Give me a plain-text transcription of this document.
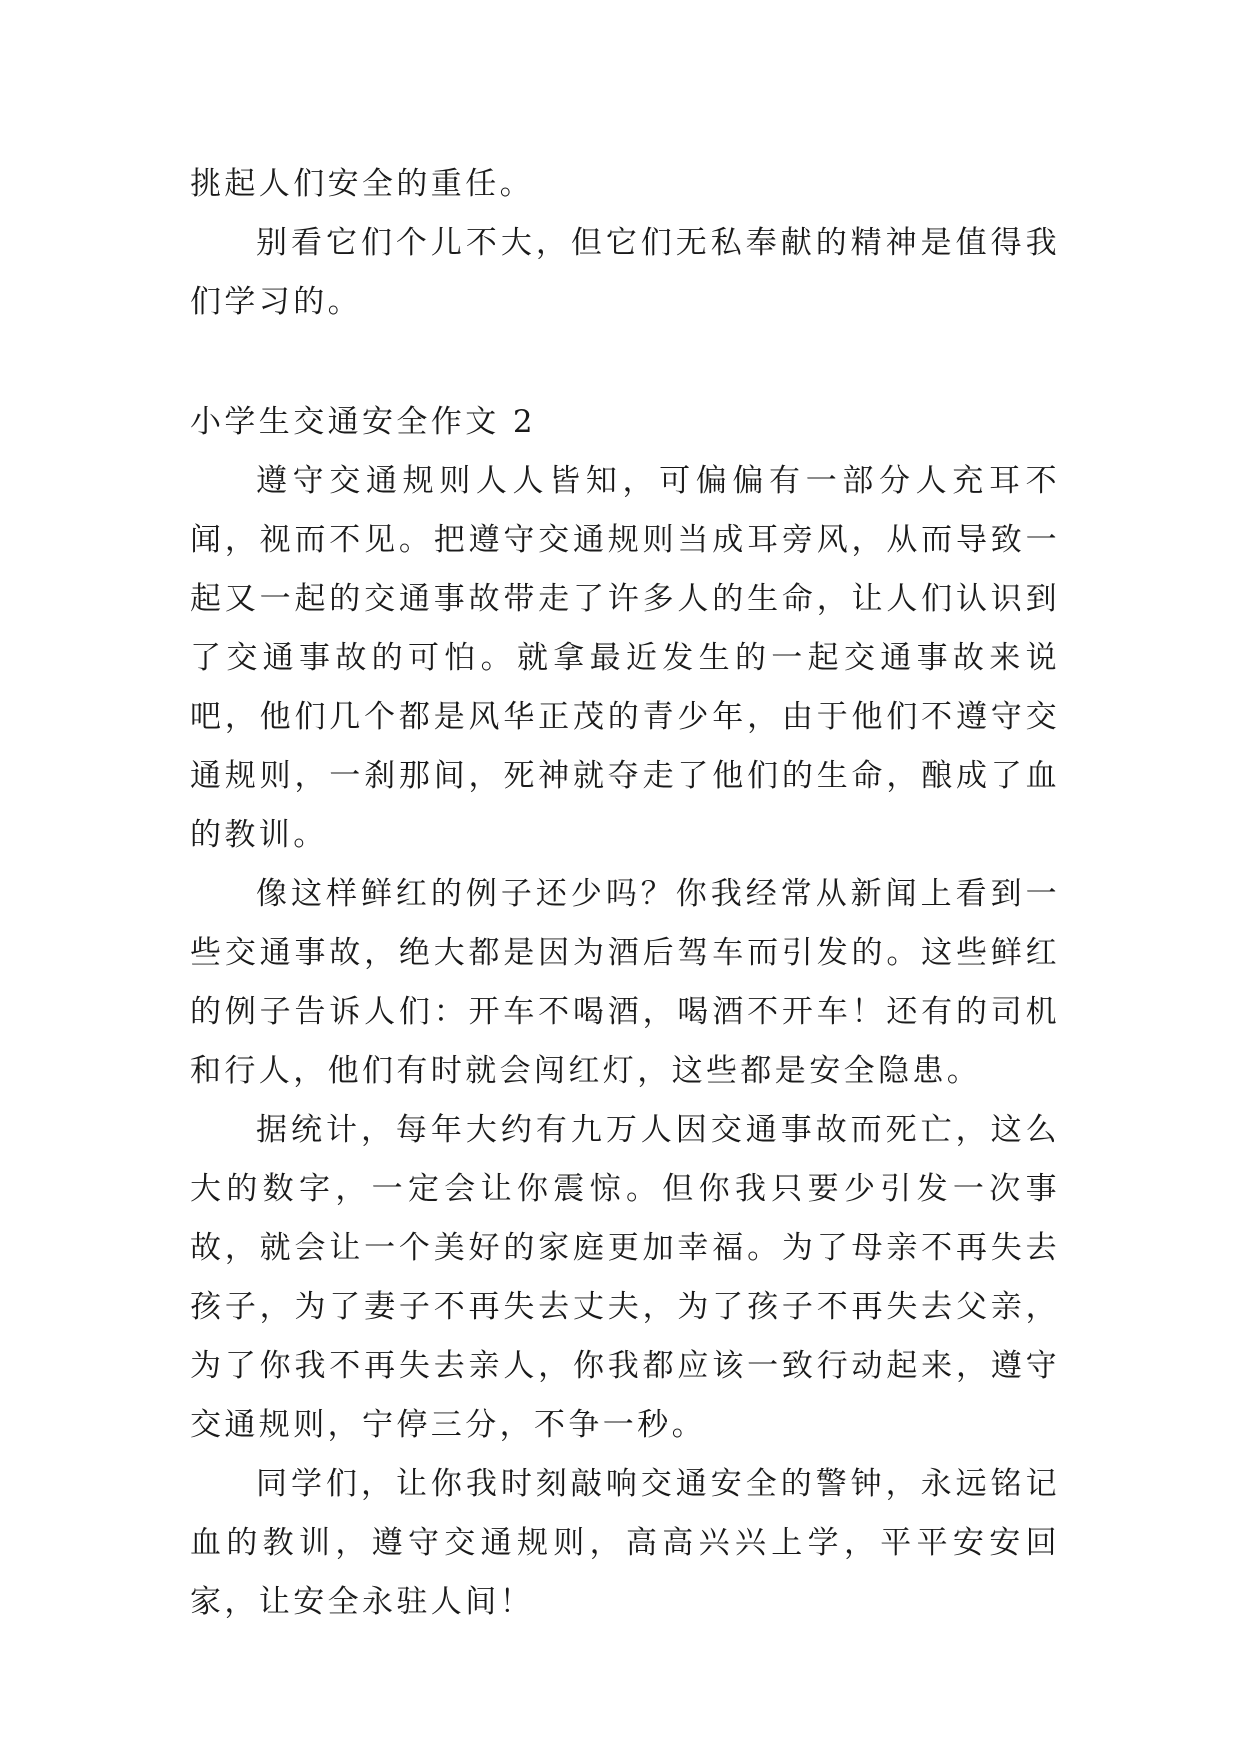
挑起人们安全的重任。

别看它们个儿不大，但它们无私奉献的精神是值得我们学习的。

小学生交通安全作文 2

遵守交通规则人人皆知，可偏偏有一部分人充耳不闻，视而不见。把遵守交通规则当成耳旁风，从而导致一起又一起的交通事故带走了许多人的生命，让人们认识到了交通事故的可怕。就拿最近发生的一起交通事故来说吧，他们几个都是风华正茂的青少年，由于他们不遵守交通规则，一刹那间，死神就夺走了他们的生命，酿成了血的教训。

像这样鲜红的例子还少吗？你我经常从新闻上看到一些交通事故，绝大都是因为酒后驾车而引发的。这些鲜红的例子告诉人们：开车不喝酒，喝酒不开车！还有的司机和行人，他们有时就会闯红灯，这些都是安全隐患。

据统计，每年大约有九万人因交通事故而死亡，这么大的数字，一定会让你震惊。但你我只要少引发一次事故，就会让一个美好的家庭更加幸福。为了母亲不再失去孩子，为了妻子不再失去丈夫，为了孩子不再失去父亲，为了你我不再失去亲人，你我都应该一致行动起来，遵守交通规则，宁停三分，不争一秒。

同学们，让你我时刻敲响交通安全的警钟，永远铭记血的教训，遵守交通规则，高高兴兴上学，平平安安回家，让安全永驻人间！
